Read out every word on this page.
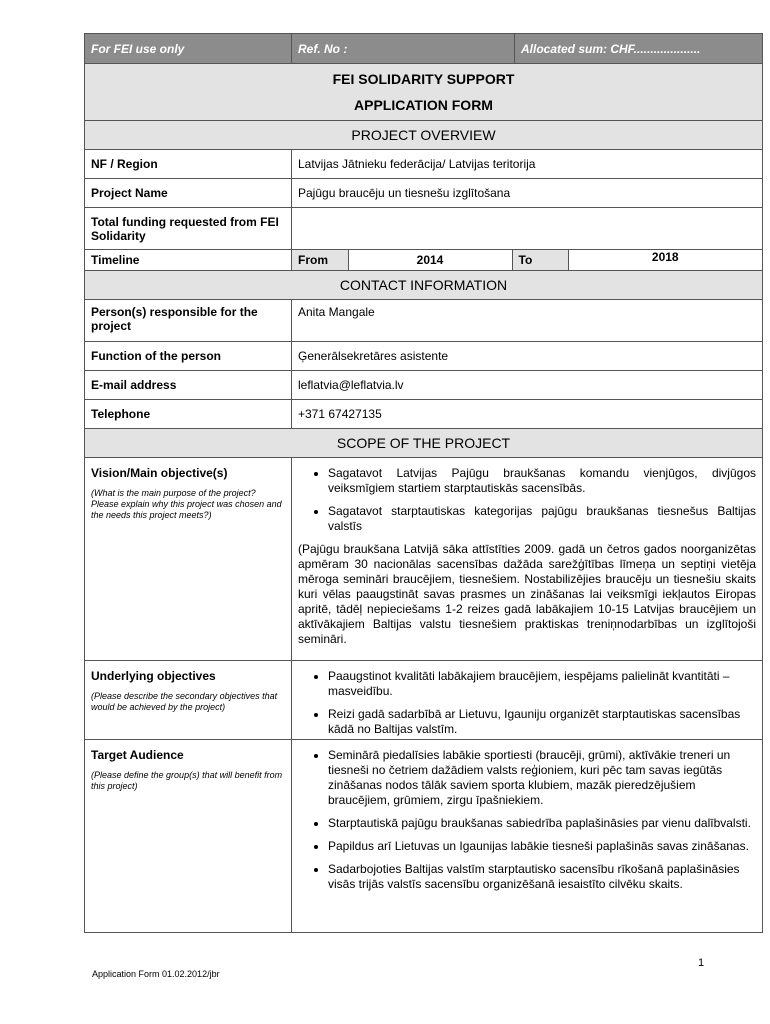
For FEI use only	Ref. No :	Allocated sum: CHF....................

FEI SOLIDARITY SUPPORT
APPLICATION FORM

PROJECT OVERVIEW
NF / Region	Latvijas Jātnieku federācija/ Latvijas teritorija
Project Name	Pajūgu braucēju un tiesnešu izglītošana
Total funding requested from FEI Solidarity	
Timeline		From	2014	To	2018

CONTACT INFORMATION
Person(s) responsible for the project	Anita Mangale
Function of the person	Ģenerālsekretāres asistente
E-mail address	leflatvia@leflatvia.lv
Telephone	+371 67427135
SCOPE OF THE PROJECT

Vision/Main objective(s)
(What is the main purpose of the project? Please explain why this project was chosen and the needs this project meets?)

• Sagatavot Latvijas Pajūgu braukšanas komandu vienjūgos, divjūgos veiksmīgiem startiem starptautiskās sacensībās.
• Sagatavot starptautiskas kategorijas pajūgu braukšanas tiesnešus Baltijas valstīs
(Pajūgu braukšana Latvijā sāka attīstīties 2009. gadā un četros gados noorganizētas apmēram 30 nacionālas sacensības dažāda sarežģītības līmeņa un septiņi vietēja mēroga semināri braucējiem, tiesnešiem. Nostabilizējies braucēju un tiesnešiu skaits kuri vēlas paaugstināt savas prasmes un zināšanas lai veiksmīgi iekļautos Eiropas apritē, tādēļ nepieciešams 1-2 reizes gadā labākajiem 10-15 Latvijas braucējiem un aktīvākajiem Baltijas valstu tiesnešiem praktiskas treniņnodarbības un izglītojoši semināri.

Underlying objectives
(Please describe the secondary objectives that would be achieved by the project)

• Paaugstinot kvalitāti labākajiem braucējiem, iespējams palielināt kvantitāti – masveidību.
• Reizi gadā sadarbībā ar Lietuvu, Igauniju organizēt starptautiskas sacensības kādā no Baltijas valstīm.

Target Audience
(Please define the group(s) that will benefit from this project)

• Seminārā piedalīsies labākie sportiesti (braucēji, grūmi), aktīvākie treneri un tiesneši no četriem dažādiem valsts reģioniem, kuri pēc tam savas iegūtās zināšanas nodos tālāk saviem sporta klubiem, mazāk pieredzējušiem braucējiem, grūmiem, zirgu īpašniekiem.
• Starptautiskā pajūgu braukšanas sabiedrība paplašināsies par vienu dalībvalsti.
• Papildus arī Lietuvas un Igaunijas labākie tiesneši paplašinās savas zināšanas.
• Sadarbojoties Baltijas valstīm starptautisko sacensību rīkošanā paplašināsies visās trijās valstīs sacensību organizēšanā iesaistīto cilvēku skaits.
1
Application Form 01.02.2012/jbr
